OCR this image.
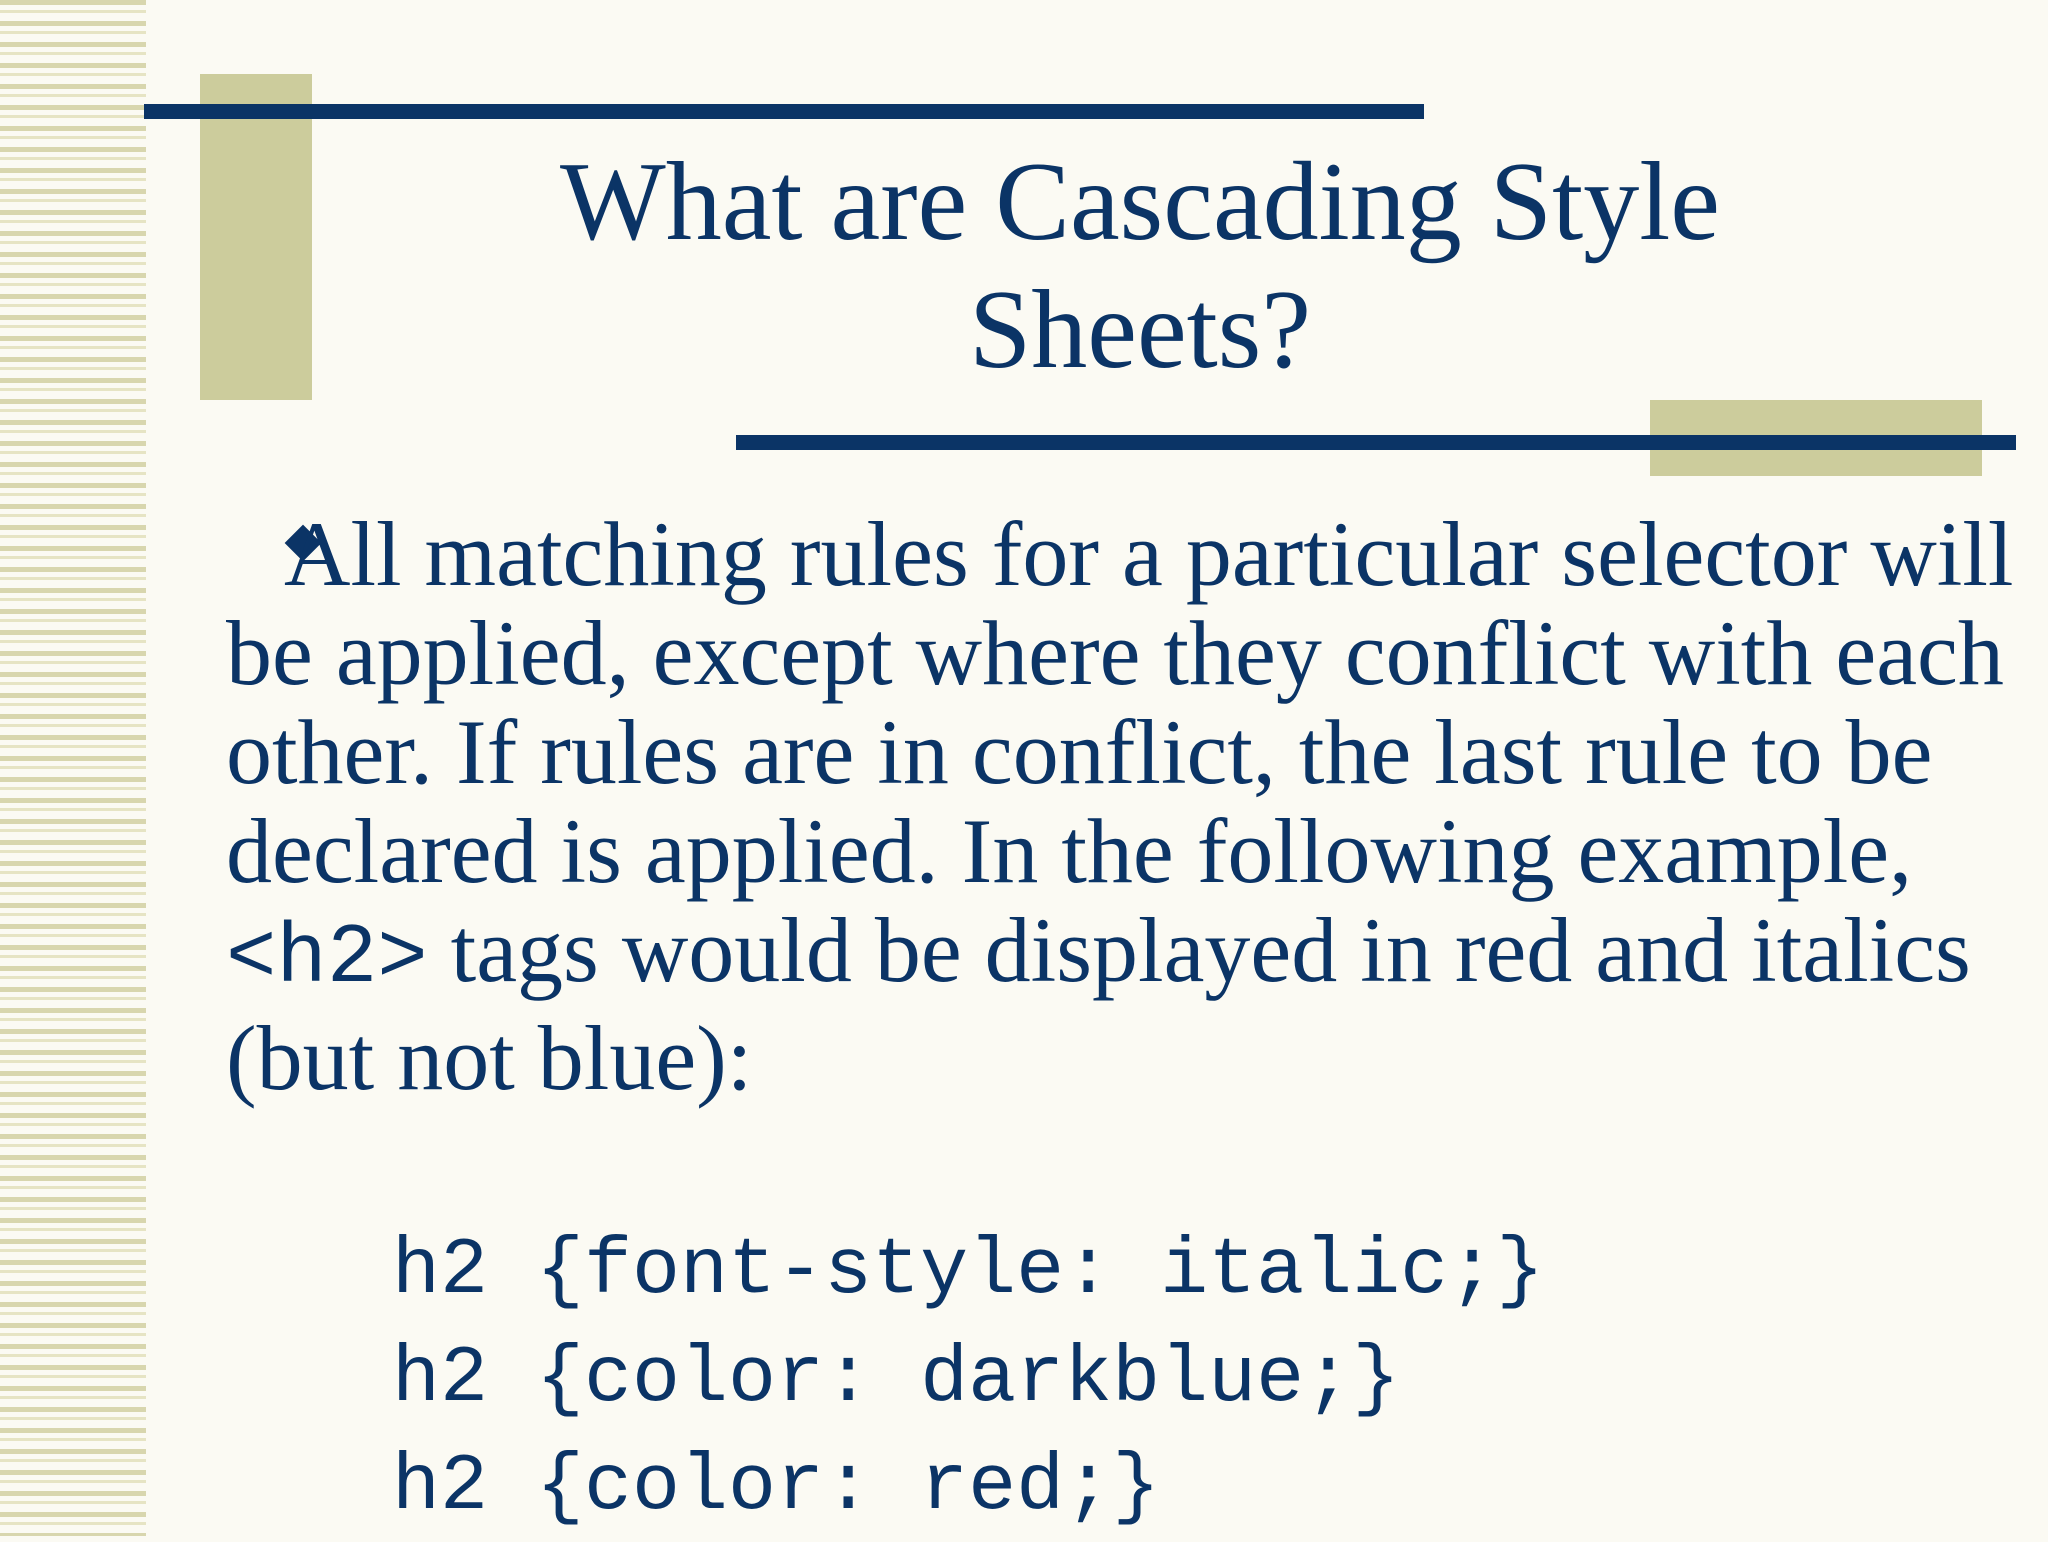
What are Cascading Style Sheets?

All matching rules for a particular selector will be applied, except where they conflict with each other. If rules are in conflict, the last rule to be declared is applied. In the following example, <h2> tags would be displayed in red and italics (but not blue):

h2 {font-style: italic;}
h2 {color: darkblue;}
h2 {color: red;}
